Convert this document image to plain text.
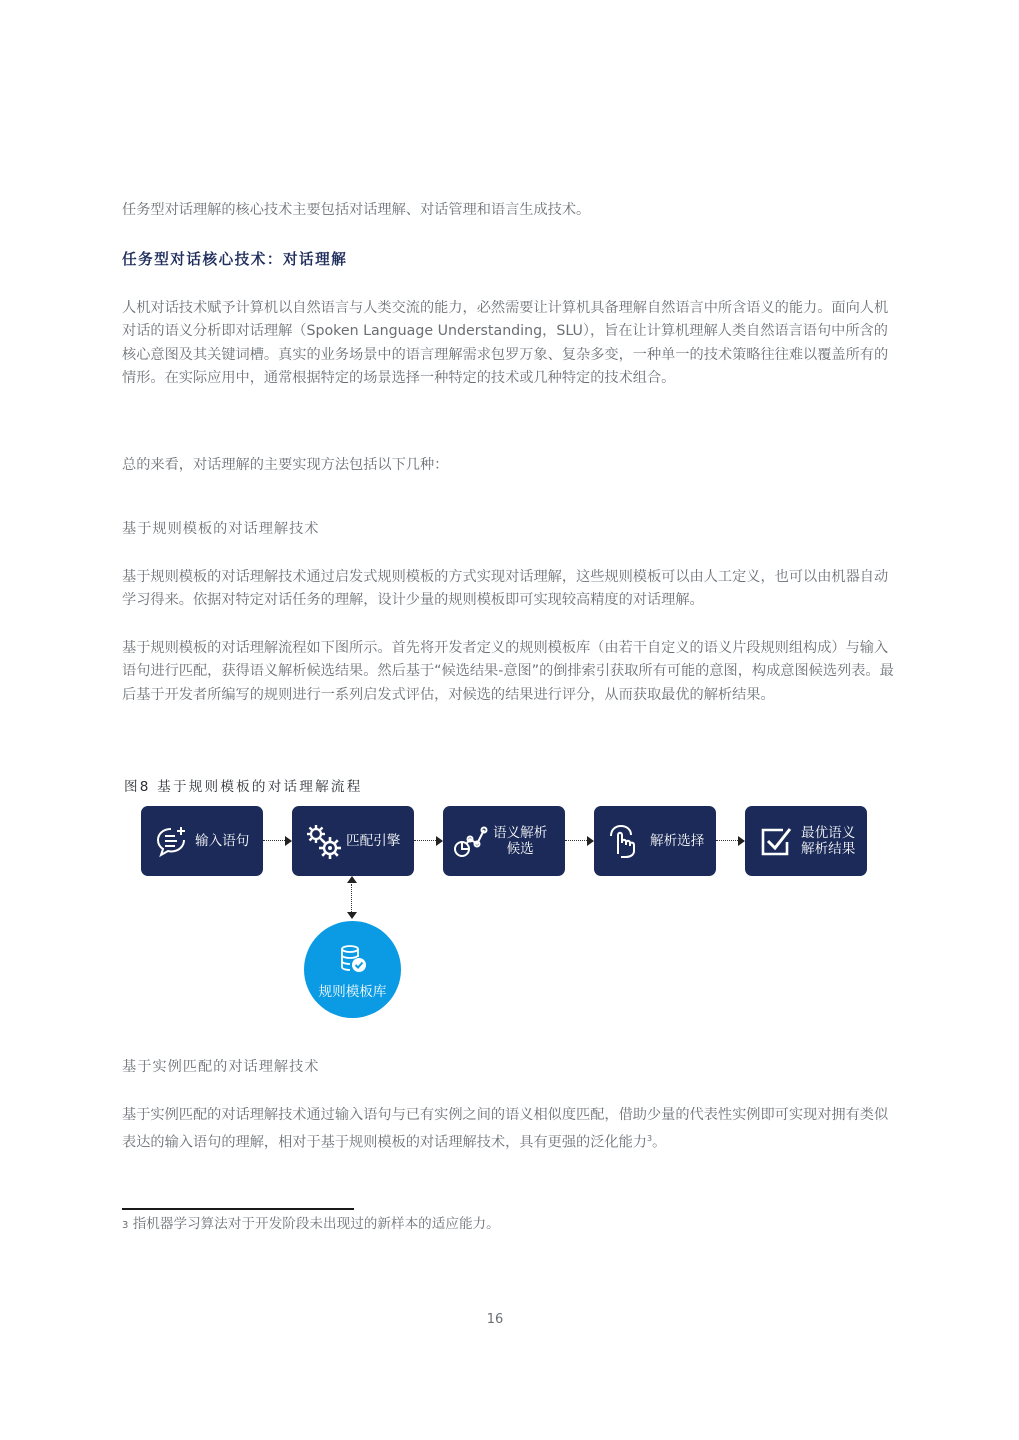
任务型对话理解的核心技术主要包括对话理解、对话管理和语言生成技术。

任务型对话核心技术：对话理解

人机对话技术赋予计算机以自然语言与人类交流的能力，必然需要让计算机具备理解自然语言中所含语义的能力。面向人机对话的语义分析即对话理解（Spoken Language Understanding，SLU），旨在让计算机理解人类自然语言语句中所含的核心意图及其关键词槽。真实的业务场景中的语言理解需求包罗万象、复杂多变，一种单一的技术策略往往难以覆盖所有的情形。在实际应用中，通常根据特定的场景选择一种特定的技术或几种特定的技术组合。

总的来看，对话理解的主要实现方法包括以下几种：

基于规则模板的对话理解技术

基于规则模板的对话理解技术通过启发式规则模板的方式实现对话理解，这些规则模板可以由人工定义，也可以由机器自动学习得来。依据对特定对话任务的理解，设计少量的规则模板即可实现较高精度的对话理解。

基于规则模板的对话理解流程如下图所示。首先将开发者定义的规则模板库（由若干自定义的语义片段规则组构成）与输入语句进行匹配，获得语义解析候选结果。然后基于“候选结果-意图”的倒排索引获取所有可能的意图，构成意图候选列表。最后基于开发者所编写的规则进行一系列启发式评估，对候选的结果进行评分，从而获取最优的解析结果。

图8 基于规则模板的对话理解流程

输入语句	匹配引擎	语义解析
候选	解析选择	最优语义
解析结果
规则模板库

基于实例匹配的对话理解技术

基于实例匹配的对话理解技术通过输入语句与已有实例之间的语义相似度匹配，借助少量的代表性实例即可实现对拥有类似表达的输入语句的理解，相对于基于规则模板的对话理解技术，具有更强的泛化能力$^3$。

3 指机器学习算法对于开发阶段未出现过的新样本的适应能力。

16
